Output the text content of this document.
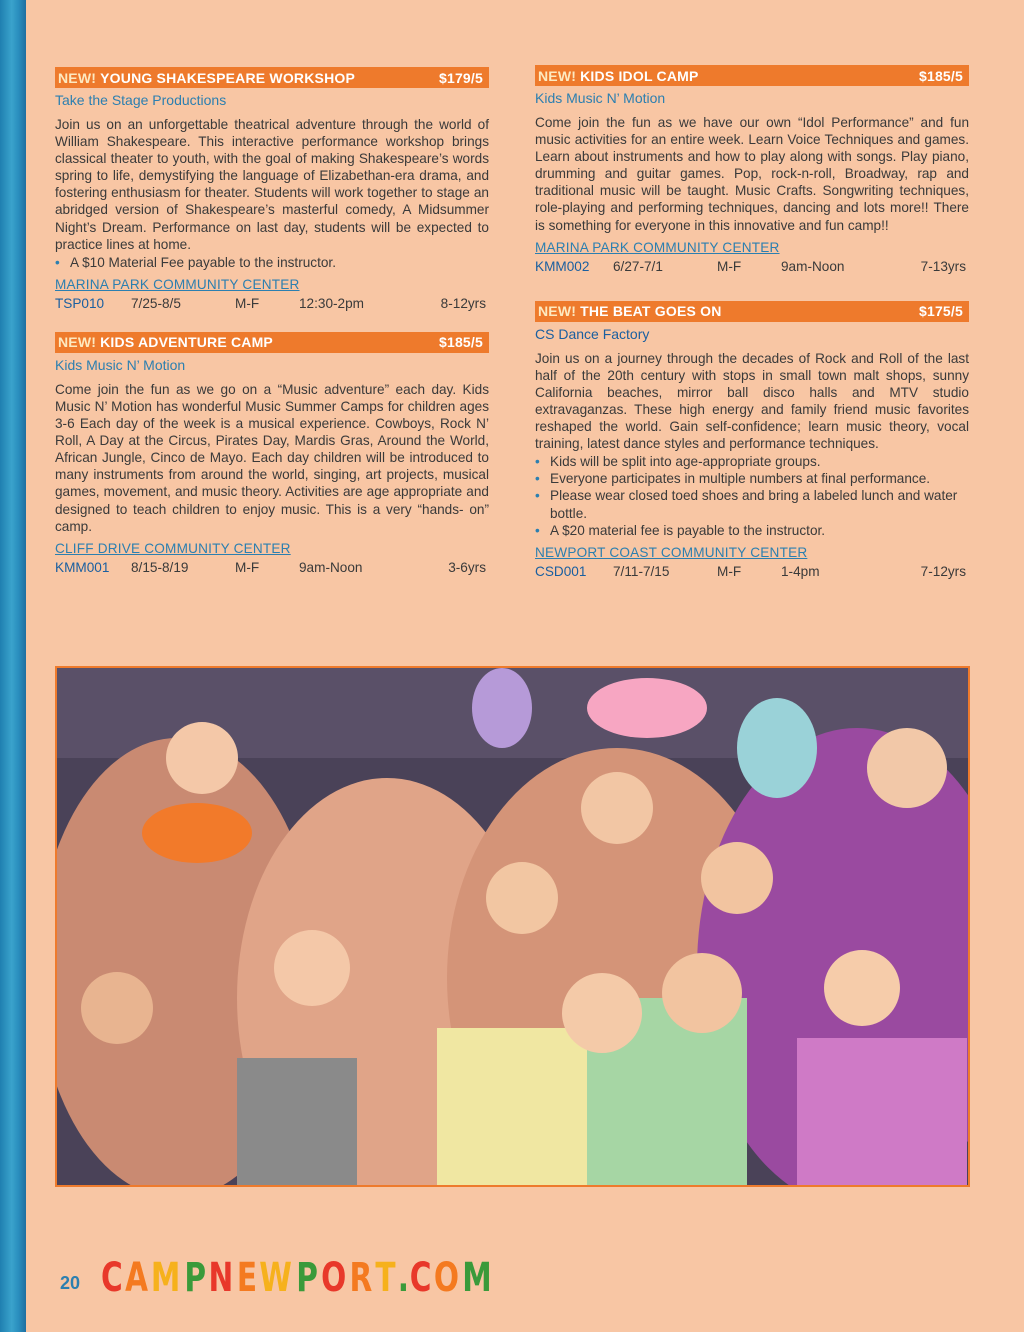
NEW! YOUNG SHAKESPEARE WORKSHOP	$179/5
Take the Stage Productions

Join us on an unforgettable theatrical adventure through the world of William Shakespeare. This interactive performance workshop brings classical theater to youth, with the goal of making Shakespeare’s words spring to life, demystifying the language of Elizabethan-era drama, and fostering enthusiasm for theater. Students will work together to stage an abridged version of Shakespeare’s masterful comedy, A Midsummer Night’s Dream. Performance on last day, students will be expected to practice lines at home.

• A $10 Material Fee payable to the instructor.
MARINA PARK COMMUNITY CENTER
TSP010	7/25-8/5	M-F	12:30-2pm	8-12yrs
NEW! KIDS ADVENTURE CAMP	$185/5
Kids Music N’ Motion

Come join the fun as we go on a “Music adventure” each day. Kids Music N’ Motion has wonderful Music Summer Camps for children ages 3-6 Each day of the week is a musical experience. Cowboys, Rock N’ Roll, A Day at the Circus, Pirates Day, Mardis Gras, Around the World, African Jungle, Cinco de Mayo. Each day children will be introduced to many instruments from around the world, singing, art projects, musical games, movement, and music theory. Activities are age appropriate and designed to teach children to enjoy music. This is a very “hands- on” camp.

CLIFF DRIVE COMMUNITY CENTER
KMM001	8/15-8/19	M-F	9am-Noon	3-6yrs
NEW! KIDS IDOL CAMP	$185/5
Kids Music N’ Motion

Come join the fun as we have our own “Idol Performance” and fun music activities for an entire week. Learn Voice Techniques and games. Learn about instruments and how to play along with songs. Play piano, drumming and guitar games. Pop, rock-n-roll, Broadway, rap and traditional music will be taught. Music Crafts. Songwriting techniques, role-playing and performing techniques, dancing and lots more!! There is something for everyone in this innovative and fun camp!!

MARINA PARK COMMUNITY CENTER
KMM002	6/27-7/1	M-F	9am-Noon	7-13yrs
NEW! THE BEAT GOES ON	$175/5
CS Dance Factory

Join us on a journey through the decades of Rock and Roll of the last half of the 20th century with stops in small town malt shops, sunny California beaches, mirror ball disco halls and MTV studio extravaganzas. These high energy and family friend music favorites reshaped the world. Gain self-confidence; learn music theory, vocal training, latest dance styles and performance techniques.

• Kids will be split into age-appropriate groups.
• Everyone participates in multiple numbers at final performance.
• Please wear closed toed shoes and bring a labeled lunch and water bottle.
• A $20 material fee is payable to the instructor.
NEWPORT COAST COMMUNITY CENTER
CSD001	7/11-7/15	M-F	1-4pm	7-12yrs
20 CAM PNEW PORT.COM
